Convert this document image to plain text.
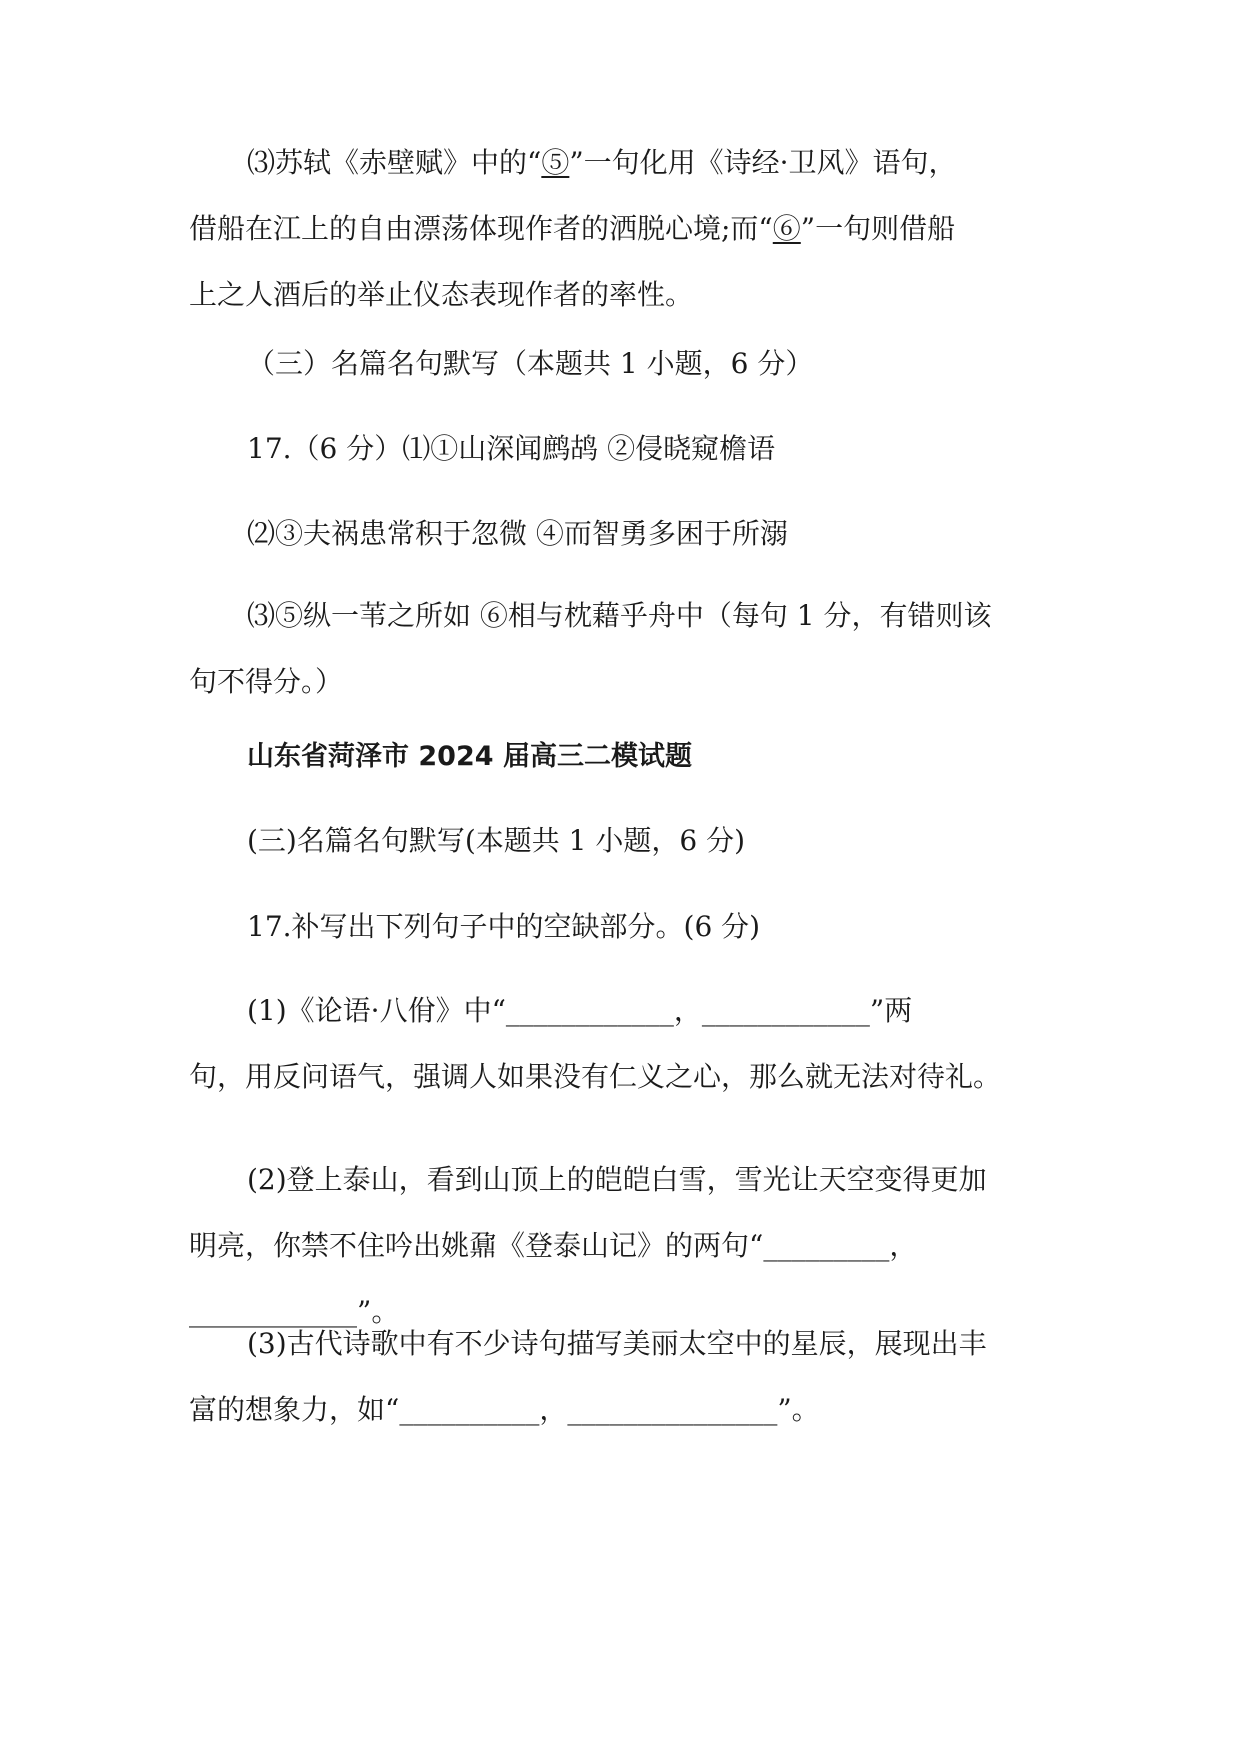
⑶苏轼《赤壁赋》中的“⑤”一句化用《诗经·卫风》语句，
借船在江上的自由漂荡体现作者的洒脱心境;而“⑥”一句则借船
上之人酒后的举止仪态表现作者的率性。
（三）名篇名句默写（本题共 1 小题，6 分）
17.（6 分）⑴①山深闻鹧鸪 ②侵晓窥檐语
⑵③夫祸患常积于忽微 ④而智勇多困于所溺
⑶⑤纵一苇之所如 ⑥相与枕藉乎舟中（每句 1 分，有错则该
句不得分。）
山东省菏泽市 2024 届高三二模试题
(三)名篇名句默写(本题共 1 小题，6 分)
17.补写出下列句子中的空缺部分。(6 分)
(1)《论语·八佾》中“____________，____________”两
句，用反问语气，强调人如果没有仁义之心，那么就无法对待礼。
(2)登上泰山，看到山顶上的皑皑白雪，雪光让天空变得更加
明亮，你禁不住吟出姚鼐《登泰山记》的两句“_________，
____________”。
(3)古代诗歌中有不少诗句描写美丽太空中的星辰，展现出丰
富的想象力，如“__________，_______________”。
